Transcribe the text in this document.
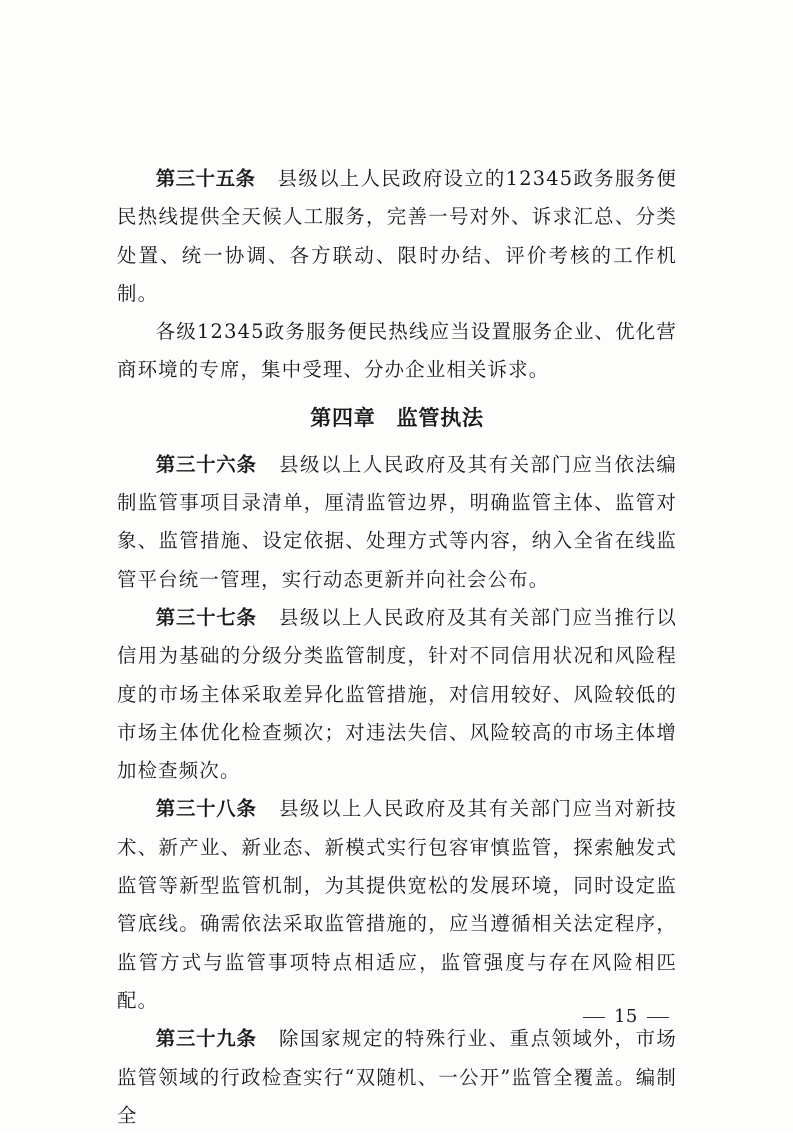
第三十五条 县级以上人民政府设立的12345政务服务便民热线提供全天候人工服务，完善一号对外、诉求汇总、分类处置、统一协调、各方联动、限时办结、评价考核的工作机制。

各级12345政务服务便民热线应当设置服务企业、优化营商环境的专席，集中受理、分办企业相关诉求。

第四章 监管执法

第三十六条 县级以上人民政府及其有关部门应当依法编制监管事项目录清单，厘清监管边界，明确监管主体、监管对象、监管措施、设定依据、处理方式等内容，纳入全省在线监管平台统一管理，实行动态更新并向社会公布。

第三十七条 县级以上人民政府及其有关部门应当推行以信用为基础的分级分类监管制度，针对不同信用状况和风险程度的市场主体采取差异化监管措施，对信用较好、风险较低的市场主体优化检查频次；对违法失信、风险较高的市场主体增加检查频次。

第三十八条 县级以上人民政府及其有关部门应当对新技术、新产业、新业态、新模式实行包容审慎监管，探索触发式监管等新型监管机制，为其提供宽松的发展环境，同时设定监管底线。确需依法采取监管措施的，应当遵循相关法定程序，监管方式与监管事项特点相适应，监管强度与存在风险相匹配。

第三十九条 除国家规定的特殊行业、重点领域外，市场监管领域的行政检查实行“双随机、一公开”监管全覆盖。编制全

15
